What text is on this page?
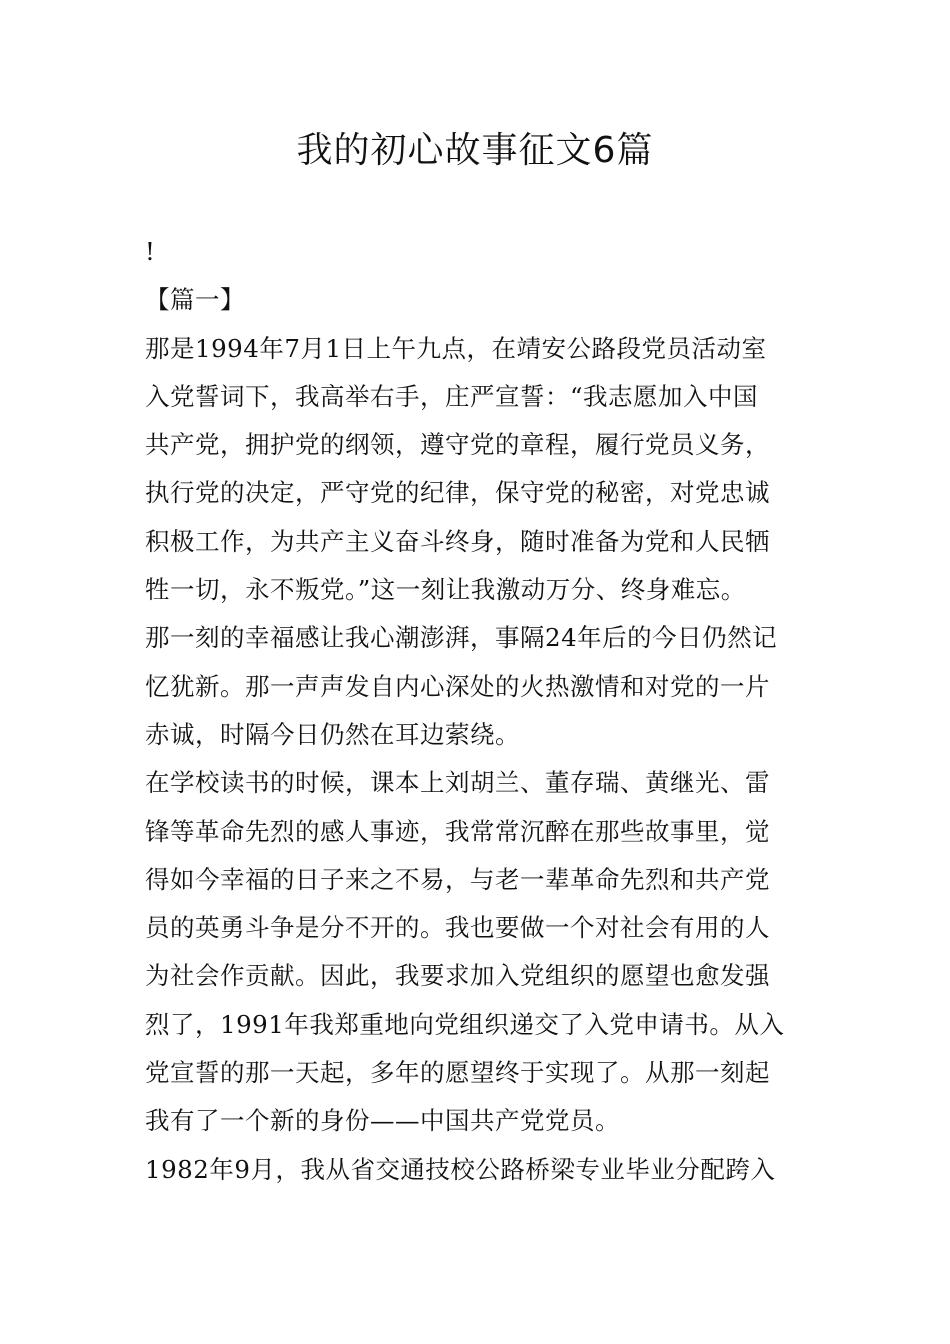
我的初心故事征文6篇
!
【篇一】
那是1994年7月1日上午九点，在靖安公路段党员活动室
入党誓词下，我高举右手，庄严宣誓：“我志愿加入中国
共产党，拥护党的纲领，遵守党的章程，履行党员义务，
执行党的决定，严守党的纪律，保守党的秘密，对党忠诚
积极工作，为共产主义奋斗终身，随时准备为党和人民牺
牲一切，永不叛党。”这一刻让我激动万分、终身难忘。
那一刻的幸福感让我心潮澎湃，事隔24年后的今日仍然记
忆犹新。那一声声发自内心深处的火热激情和对党的一片
赤诚，时隔今日仍然在耳边萦绕。
在学校读书的时候，课本上刘胡兰、董存瑞、黄继光、雷
锋等革命先烈的感人事迹，我常常沉醉在那些故事里，觉
得如今幸福的日子来之不易，与老一辈革命先烈和共产党
员的英勇斗争是分不开的。我也要做一个对社会有用的人
为社会作贡献。因此，我要求加入党组织的愿望也愈发强
烈了，1991年我郑重地向党组织递交了入党申请书。从入
党宣誓的那一天起，多年的愿望终于实现了。从那一刻起
我有了一个新的身份——中国共产党党员。
1982年9月，我从省交通技校公路桥梁专业毕业分配跨入
